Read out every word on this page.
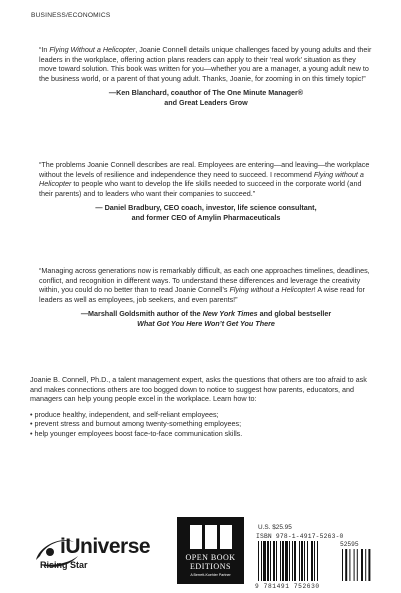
BUSINESS/ECONOMICS

“In Flying Without a Helicopter, Joanie Connell details unique challenges faced by young adults and their leaders in the workplace, offering action plans readers can apply to their ‘real work’ situation as they move toward solution. This book was written for you—whether you are a manager, a young adult new to the business world, or a parent of that young adult. Thanks, Joanie, for zooming in on this timely topic!”

—Ken Blanchard, coauthor of The One Minute Manager®
and Great Leaders Grow

“The problems Joanie Connell describes are real. Employees are entering—and leaving—the workplace without the levels of resilience and independence they need to succeed. I recommend Flying without a Helicopter to people who want to develop the life skills needed to succeed in the corporate world (and their parents) and to leaders who want their companies to succeed.”

— Daniel Bradbury, CEO coach, investor, life science consultant,
and former CEO of Amylin Pharmaceuticals

“Managing across generations now is remarkably difficult, as each one approaches timelines, deadlines, conflict, and recognition in different ways. To understand these differences and leverage the creativity within, you could do no better than to read Joanie Connell’s Flying without a Helicopter! A wise read for leaders as well as employees, job seekers, and even parents!”

—Marshall Goldsmith author of the New York Times and global bestseller
What Got You Here Won’t Get You There

Joanie B. Connell, Ph.D., a talent management expert, asks the questions that others are too afraid to ask and makes connections others are too bogged down to notice to suggest how parents, educators, and managers can help young people excel in the workplace. Learn how to:

• produce healthy, independent, and self-reliant employees;
• prevent stress and burnout among twenty-something employees;
• help younger employees boost face-to-face communication skills.
iUniverse
Rising Star
OPEN BOOK
EDITIONS
A Berrett-Koehler Partner
U.S. $25.95
ISBN 978-1-4917-5263-0
52595
9 781491 752630
